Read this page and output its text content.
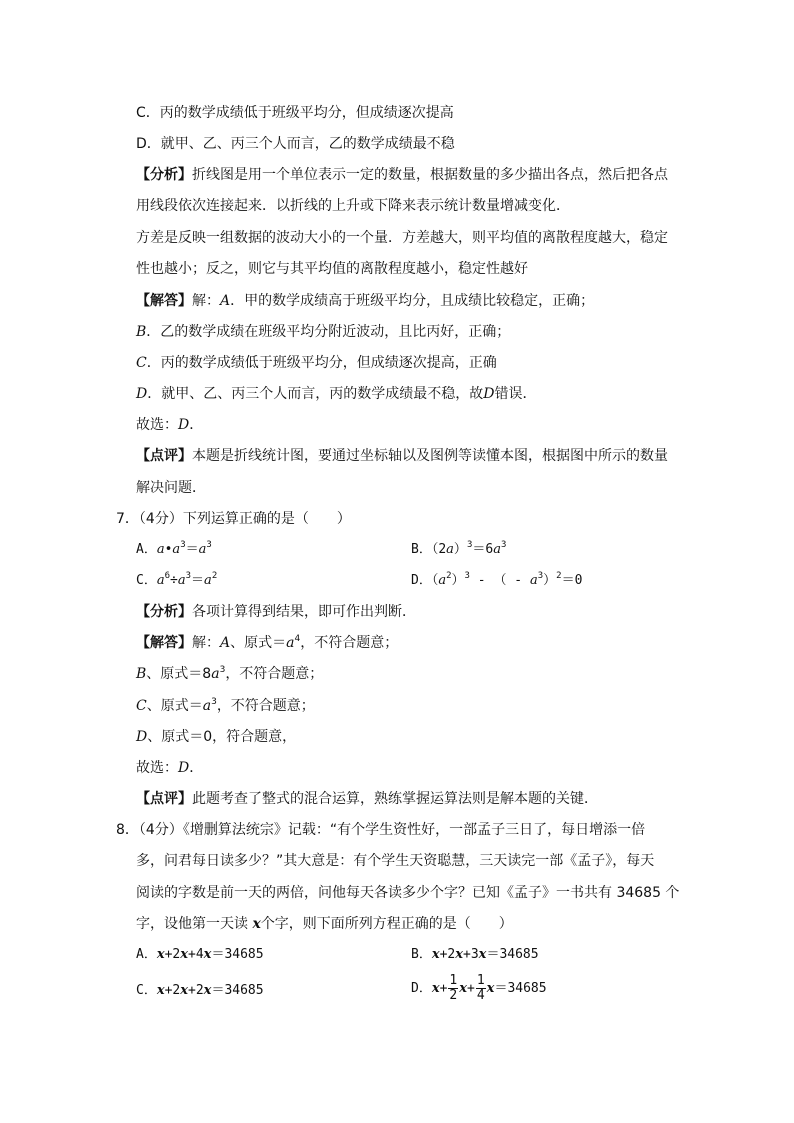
C．丙的数学成绩低于班级平均分，但成绩逐次提高
D．就甲、乙、丙三个人而言，乙的数学成绩最不稳
【分析】折线图是用一个单位表示一定的数量，根据数量的多少描出各点，然后把各点
用线段依次连接起来．以折线的上升或下降来表示统计数量增减变化．
方差是反映一组数据的波动大小的一个量．方差越大，则平均值的离散程度越大，稳定
性也越小；反之，则它与其平均值的离散程度越小，稳定性越好
【解答】解：A．甲的数学成绩高于班级平均分，且成绩比较稳定，正确；
B．乙的数学成绩在班级平均分附近波动，且比丙好，正确；
C．丙的数学成绩低于班级平均分，但成绩逐次提高，正确
D．就甲、乙、丙三个人而言，丙的数学成绩最不稳，故D错误．
故选：D．
【点评】本题是折线统计图，要通过坐标轴以及图例等读懂本图，根据图中所示的数量
解决问题．
7．（4分）下列运算正确的是（　　）
A．$a•a^3=a^3$	B．$(2a)^3=6a^3$
C．$a^6\div a^3=a^2$	D．$(a^2)^3$ - （ - $a^3)^2=0$
【分析】各项计算得到结果，即可作出判断．
【解答】解：A、原式$=a^4$，不符合题意；
B、原式$=8a^3$，不符合题意；
C、原式$=a^3$，不符合题意；
D、原式＝0，符合题意，
故选：D．
【点评】此题考查了整式的混合运算，熟练掌握运算法则是解本题的关键．
8．（4分）《增删算法统宗》记载：“有个学生资性好，一部孟子三日了，每日增添一倍
多，问君每日读多少？”其大意是：有个学生天资聪慧，三天读完一部《孟子》，每天
阅读的字数是前一天的两倍，问他每天各读多少个字？已知《孟子》一书共有 34685 个
字，设他第一天读 x个字，则下面所列方程正确的是（　　）
A．x+2x+4x＝34685	B．x+2x+3x＝34685
C．x+2x+2x＝34685	D．$x+ \frac{1}{2} x+ \frac{1}{4} x=34685$
